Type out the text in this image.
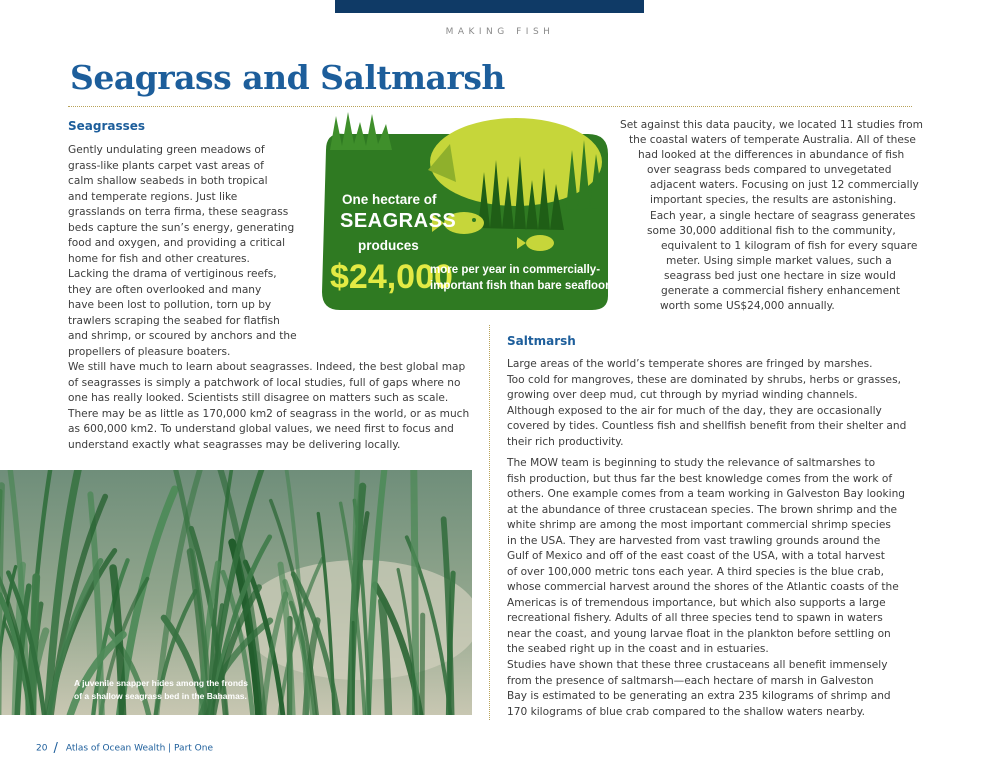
MAKING FISH
Seagrass and Saltmarsh
Seagrasses
Gently undulating green meadows of
grass-like plants carpet vast areas of
calm shallow seabeds in both tropical
and temperate regions. Just like
grasslands on terra firma, these seagrass
beds capture the sun’s energy, generating
food and oxygen, and providing a critical
home for fish and other creatures.
Lacking the drama of vertiginous reefs,
they are often overlooked and many
have been lost to pollution, torn up by
trawlers scraping the seabed for flatfish
and shrimp, or scoured by anchors and the
propellers of pleasure boaters.
We still have much to learn about seagrasses. Indeed, the best global map
of seagrasses is simply a patchwork of local studies, full of gaps where no
one has really looked. Scientists still disagree on matters such as scale.
There may be as little as 170,000 km2 of seagrass in the world, or as much
as 600,000 km2. To understand global values, we need first to focus and
understand exactly what seagrasses may be delivering locally.
One hectare of
SEAGRASS
produces
$24,000
more per year in commercially-
important fish than bare seafloor
Set against this data paucity, we located 11 studies from
the coastal waters of temperate Australia. All of these
had looked at the differences in abundance of fish
over seagrass beds compared to unvegetated
adjacent waters. Focusing on just 12 commercially
important species, the results are astonishing.
Each year, a single hectare of seagrass generates
some 30,000 additional fish to the community,
equivalent to 1 kilogram of fish for every square
meter. Using simple market values, such a
seagrass bed just one hectare in size would
generate a commercial fishery enhancement
worth some US$24,000 annually.
Saltmarsh
Large areas of the world’s temperate shores are fringed by marshes.
Too cold for mangroves, these are dominated by shrubs, herbs or grasses,
growing over deep mud, cut through by myriad winding channels.
Although exposed to the air for much of the day, they are occasionally
covered by tides. Countless fish and shellfish benefit from their shelter and
their rich productivity.
The MOW team is beginning to study the relevance of saltmarshes to
fish production, but thus far the best knowledge comes from the work of
others. One example comes from a team working in Galveston Bay looking
at the abundance of three crustacean species. The brown shrimp and the
white shrimp are among the most important commercial shrimp species
in the USA. They are harvested from vast trawling grounds around the
Gulf of Mexico and off of the east coast of the USA, with a total harvest
of over 100,000 metric tons each year. A third species is the blue crab,
whose commercial harvest around the shores of the Atlantic coasts of the
Americas is of tremendous importance, but which also supports a large
recreational fishery. Adults of all three species tend to spawn in waters
near the coast, and young larvae float in the plankton before settling on
the seabed right up in the coast and in estuaries.
Studies have shown that these three crustaceans all benefit immensely
from the presence of saltmarsh—each hectare of marsh in Galveston
Bay is estimated to be generating an extra 235 kilograms of shrimp and
170 kilograms of blue crab compared to the shallow waters nearby.
A juvenile snapper hides among the fronds
of a shallow seagrass bed in the Bahamas.
20 / Atlas of Ocean Wealth | Part One
